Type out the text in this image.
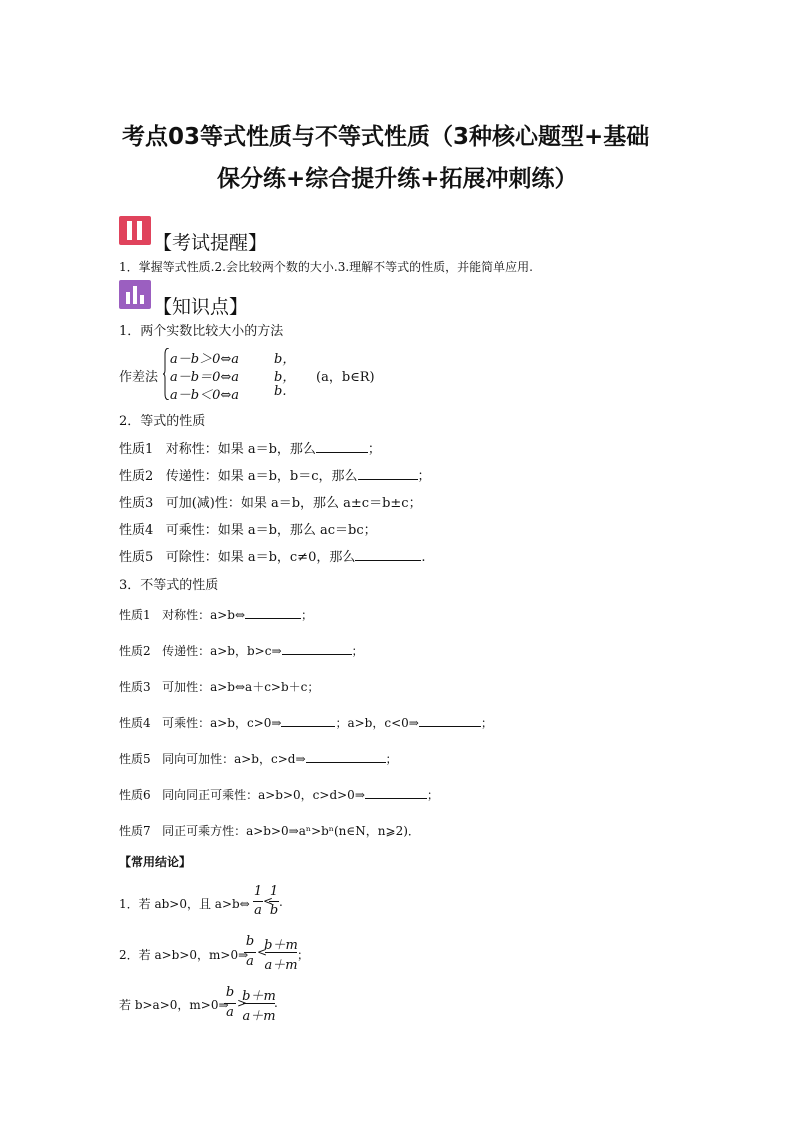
考点03等式性质与不等式性质（3种核心题型+基础
保分练+综合提升练+拓展冲刺练）
【考试提醒】
1．掌握等式性质.2.会比较两个数的大小.3.理解不等式的性质，并能简单应用.
【知识点】
1．两个实数比较大小的方法
作差法
a－b＞0⇔a	b，
a－b＝0⇔a	b，
a－b＜0⇔a	b.
(a，b∈R)
2．等式的性质
性质1 对称性：如果 a＝b，那么	；
性质2 传递性：如果 a＝b，b＝c，那么	；
性质3 可加(减)性：如果 a＝b，那么 a±c＝b±c；
性质4 可乘性：如果 a＝b，那么 ac＝bc；
性质5 可除性：如果 a＝b，c≠0，那么	.
3．不等式的性质
性质1 对称性：a>b⇔	；
性质2 传递性：a>b，b>c⇒	；
性质3 可加性：a>b⇔a＋c>b＋c；
性质4 可乘性：a>b，c>0⇒	；a>b，c<0⇒	；
性质5 同向可加性：a>b，c>d⇒	；
性质6 同向同正可乘性：a>b>0，c>d>0⇒	；
性质7 同正可乘方性：a>b>0⇒aⁿ>bⁿ(n∈N，n⩾2)．
【常用结论】
1．若 ab>0，且 a>b⇔
1
a
<
1
b
.
2．若 a>b>0，m>0⇒
b
a
<
b＋m
a＋m
；
若 b>a>0，m>0⇒
b
a
>
b＋m
a＋m
.
